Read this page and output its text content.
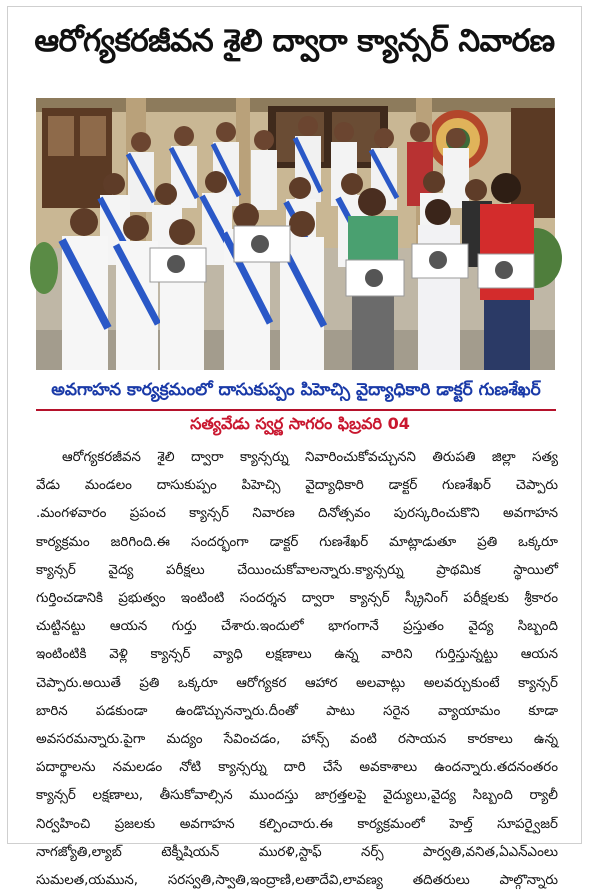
ఆరోగ్యకరజీవన శైలి ద్వారా క్యాన్సర్ నివారణ
అవగాహన కార్యక్రమంలో దాసుకుప్పం పిహెచ్సి వైద్యాధికారి డాక్టర్ గుణశేఖర్
సత్యవేడు స్వర్ణ సాగరం ఫిబ్రవరి 04
ఆరోగ్యకరజీవన శైలి ద్వారా క్యాన్సర్ను నివారించుకోవచ్చునని తిరుపతి జిల్లా సత్య
వేడు మండలం దాసుకుప్పం పిహెచ్సి వైద్యాధికారి డాక్టర్ గుణశేఖర్ చెప్పారు
.మంగళవారం ప్రపంచ క్యాన్సర్ నివారణ దినోత్సవం పురస్కరించుకొని అవగాహన
కార్యక్రమం జరిగింది.ఈ సందర్భంగా డాక్టర్ గుణశేఖర్ మాట్లాడుతూ ప్రతి ఒక్కరూ
క్యాన్సర్ వైద్య పరీక్షలు చేయించుకోవాలన్నారు.క్యాన్సర్ను ప్రాథమిక స్థాయిలో
గుర్తించడానికి ప్రభుత్వం ఇంటింటి సందర్శన ద్వారా క్యాన్సర్ స్క్రీనింగ్ పరీక్షలకు శ్రీకారం
చుట్టినట్టు ఆయన గుర్తు చేశారు.ఇందులో భాగంగానే ప్రస్తుతం వైద్య సిబ్బంది
ఇంటింటికి వెళ్లి క్యాన్సర్ వ్యాధి లక్షణాలు ఉన్న వారిని గుర్తిస్తున్నట్టు ఆయన
చెప్పారు.అయితే ప్రతి ఒక్కరూ ఆరోగ్యకర ఆహార అలవాట్లు అలవర్చుకుంటే క్యాన్సర్
బారిన పడకుండా ఉండొచ్చునన్నారు.దీంతో పాటు సరైన వ్యాయామం కూడా
అవసరమన్నారు.పైగా మద్యం సేవించడం, హాన్స్ వంటి రసాయన కారకాలు ఉన్న
పదార్థాలను నమలడం నోటి క్యాన్సర్ను దారి చేసే అవకాశాలు ఉందన్నారు.తదనంతరం
క్యాన్సర్ లక్షణాలు, తీసుకోవాల్సిన ముందస్తు జాగ్రత్తలపై వైద్యులు,వైద్య సిబ్బంది ర్యాలీ
నిర్వహించి ప్రజలకు అవగాహన కల్పించారు.ఈ కార్యక్రమంలో హెల్త్ సూపర్వైజర్
నాగజ్యోతి,ల్యాబ్ టెక్నీషియన్ మురళి,స్టాఫ్ నర్స్ పార్వతి,వనిత,ఏఎన్ఎంలు
సుమలత,యమున, సరస్వతి,స్వాతి,ఇంద్రాణి,లతాదేవి,లావణ్య తదితరులు పాల్గొన్నారు
